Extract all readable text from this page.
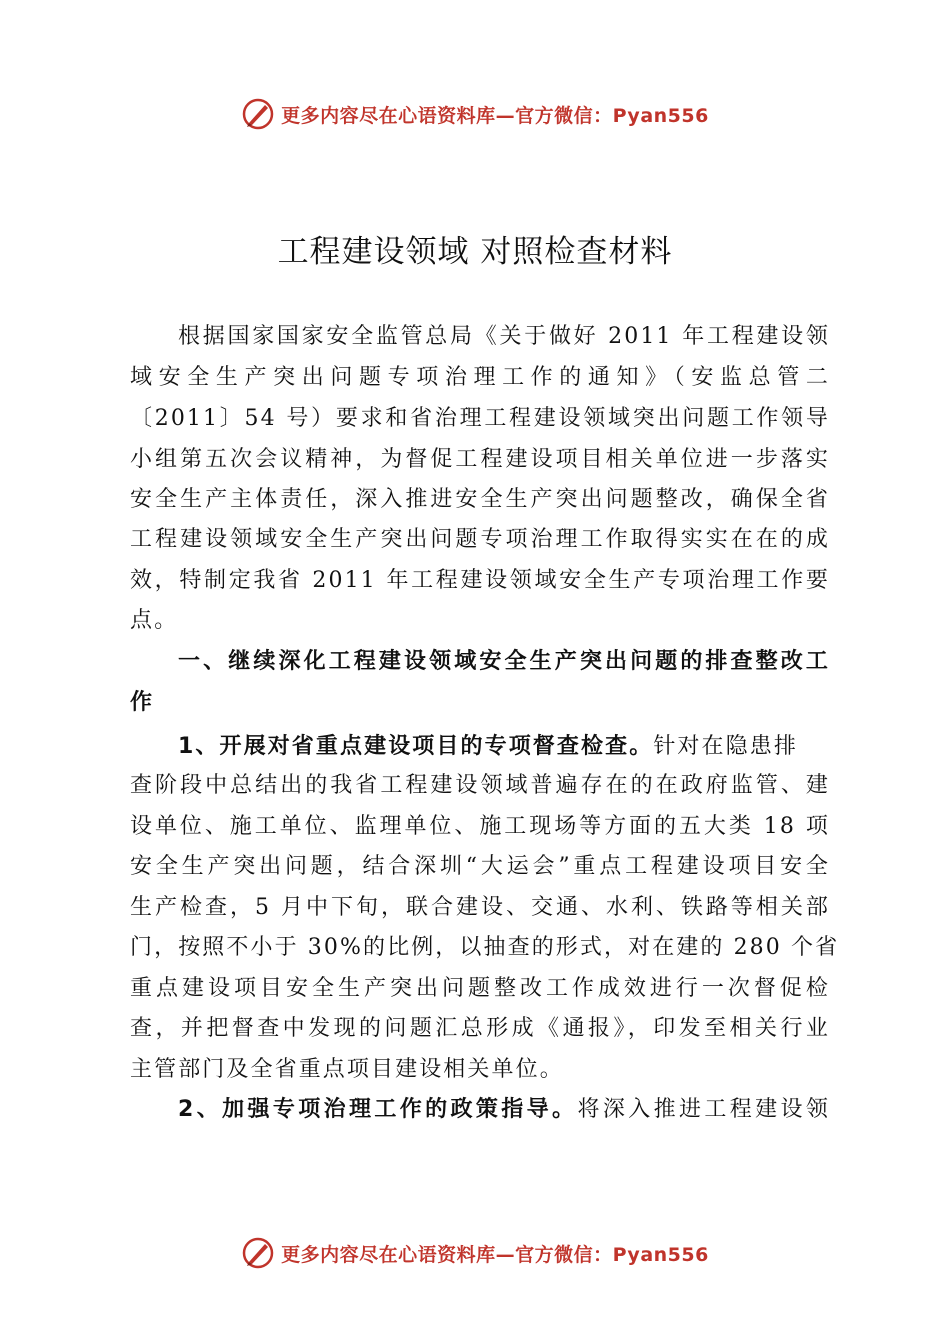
更多内容尽在心语资料库—官方微信：Pyan556
工程建设领域 对照检查材料
根据国家国家安全监管总局《关于做好 2011 年工程建设领
域安全生产突出问题专项治理工作的通知》（安监总管二
〔2011〕54 号）要求和省治理工程建设领域突出问题工作领导
小组第五次会议精神，为督促工程建设项目相关单位进一步落实
安全生产主体责任，深入推进安全生产突出问题整改，确保全省
工程建设领域安全生产突出问题专项治理工作取得实实在在的成
效，特制定我省 2011 年工程建设领域安全生产专项治理工作要
点。
一、继续深化工程建设领域安全生产突出问题的排查整改工
作
1、开展对省重点建设项目的专项督查检查。针对在隐患排
查阶段中总结出的我省工程建设领域普遍存在的在政府监管、建
设单位、施工单位、监理单位、施工现场等方面的五大类 18 项
安全生产突出问题，结合深圳“大运会”重点工程建设项目安全
生产检查，5 月中下旬，联合建设、交通、水利、铁路等相关部
门，按照不小于 30%的比例，以抽查的形式，对在建的 280 个省
重点建设项目安全生产突出问题整改工作成效进行一次督促检
查，并把督查中发现的问题汇总形成《通报》，印发至相关行业
主管部门及全省重点项目建设相关单位。
2、加强专项治理工作的政策指导。将深入推进工程建设领
更多内容尽在心语资料库—官方微信：Pyan556
